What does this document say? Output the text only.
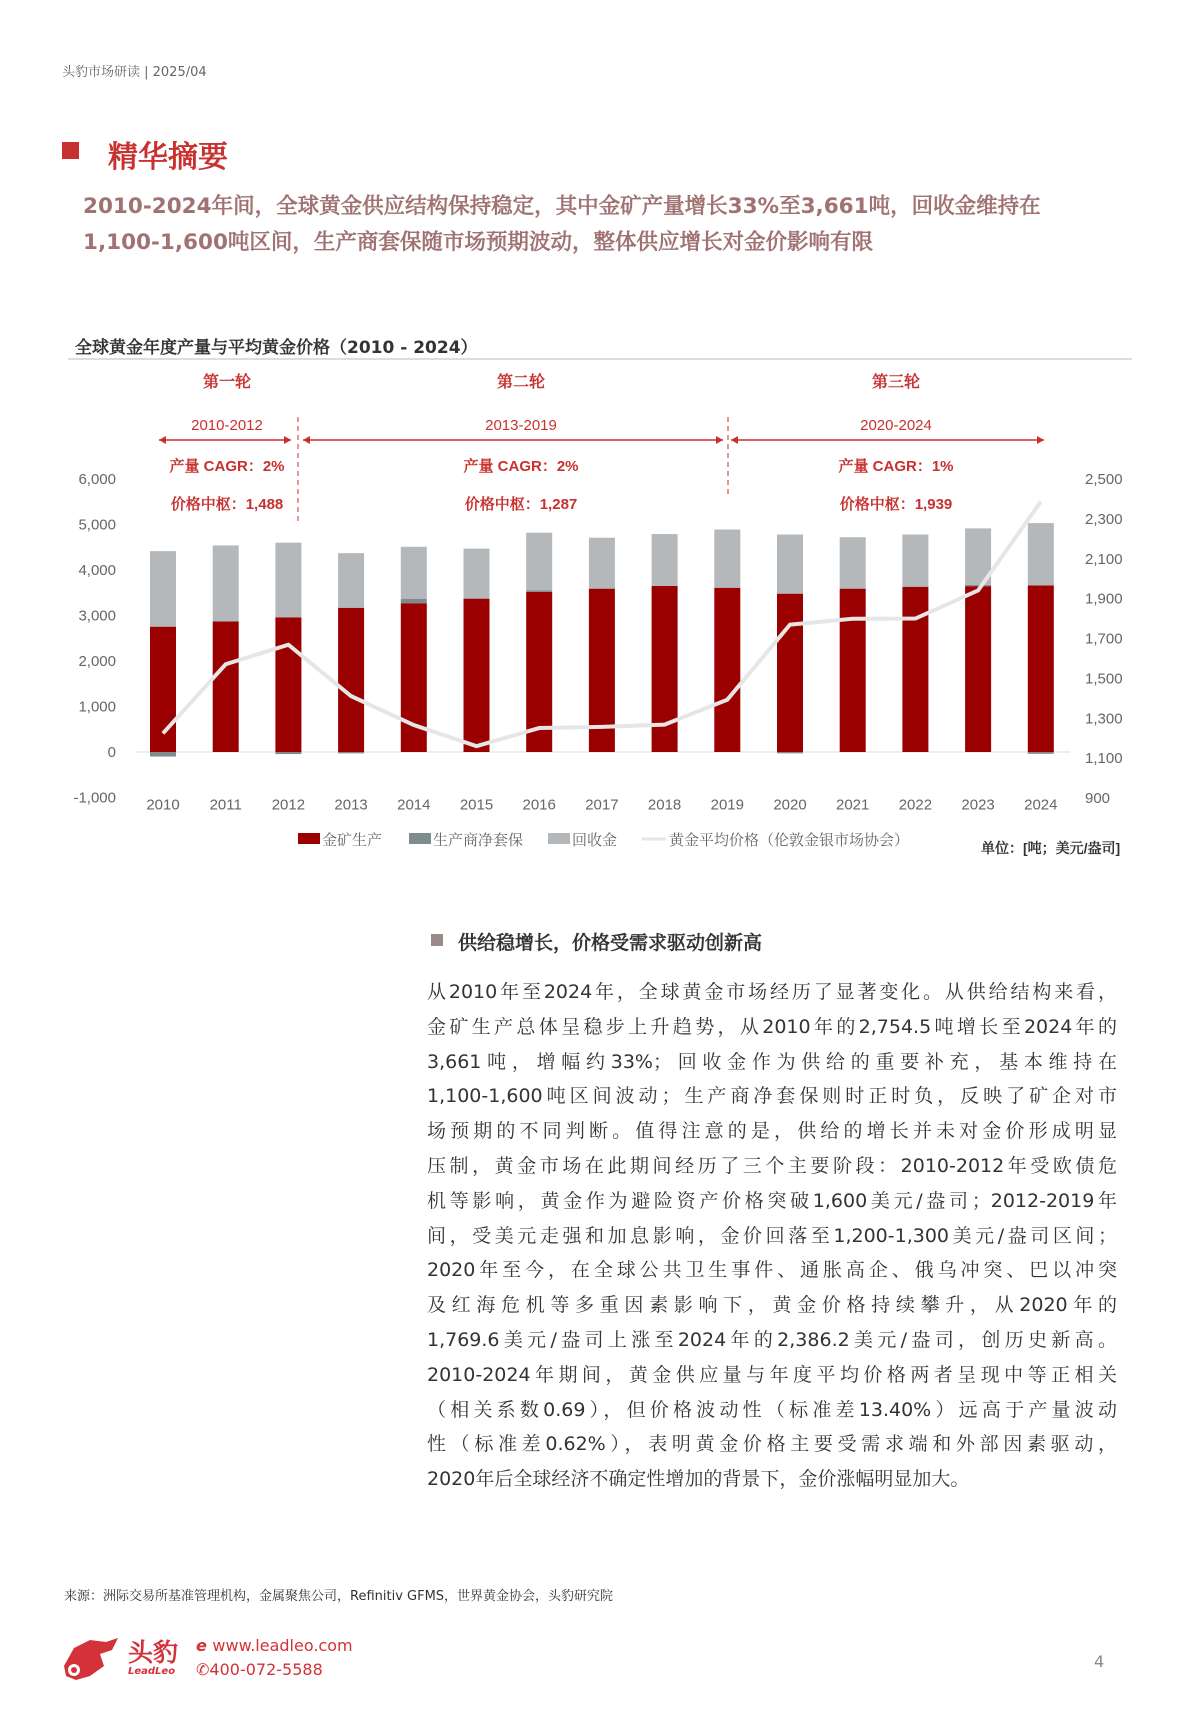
头豹市场研读 | 2025/04
精华摘要
2010-2024年间，全球黄金供应结构保持稳定，其中金矿产量增长33%至3,661吨，回收金维持在
1,100-1,600吨区间，生产商套保随市场预期波动，整体供应增长对金价影响有限
全球黄金年度产量与平均黄金价格（2010 - 2024）
6,000
5,000
4,000
3,000
2,000
1,000
0
-1,000
2,500
2,300
2,100
1,900
1,700
1,500
1,300
1,100
900
2010 2011 2012 2013 2014 2015 2016 2017 2018 2019 2020 2021 2022 2023 2024
第一轮
2010-2012
产量 CAGR：2%
价格中枢：1,488
第二轮
2013-2019
产量 CAGR：2%
价格中枢：1,287
第三轮
2020-2024
产量 CAGR：1%
价格中枢：1,939
金矿生产	生产商净套保	回收金	黄金平均价格（伦敦金银市场协会）	单位：[吨；美元/盎司]
供给稳增长，价格受需求驱动创新高
从2010年至2024年，全球黄金市场经历了显著变化。从供给结构来看，
金矿生产总体呈稳步上升趋势，从2010年的2,754.5吨增长至2024年的
3,661吨，增幅约33%；回收金作为供给的重要补充，基本维持在
1,100-1,600吨区间波动；生产商净套保则时正时负，反映了矿企对市
场预期的不同判断。值得注意的是，供给的增长并未对金价形成明显
压制，黄金市场在此期间经历了三个主要阶段：2010-2012年受欧债危
机等影响，黄金作为避险资产价格突破1,600美元/盎司；2012-2019年
间，受美元走强和加息影响，金价回落至1,200-1,300美元/盎司区间；
2020年至今，在全球公共卫生事件、通胀高企、俄乌冲突、巴以冲突
及红海危机等多重因素影响下，黄金价格持续攀升，从2020年的
1,769.6美元/盎司上涨至2024年的2,386.2美元/盎司，创历史新高。
2010-2024年期间，黄金供应量与年度平均价格两者呈现中等正相关
（相关系数0.69），但价格波动性（标准差13.40%）远高于产量波动
性（标准差0.62%），表明黄金价格主要受需求端和外部因素驱动，
2020年后全球经济不确定性增加的背景下，金价涨幅明显加大。
来源：洲际交易所基准管理机构，金属聚焦公司，Refinitiv GFMS，世界黄金协会，头豹研究院
头豹
LeadLeo
e www.leadleo.com
✆400-072-5588	4
